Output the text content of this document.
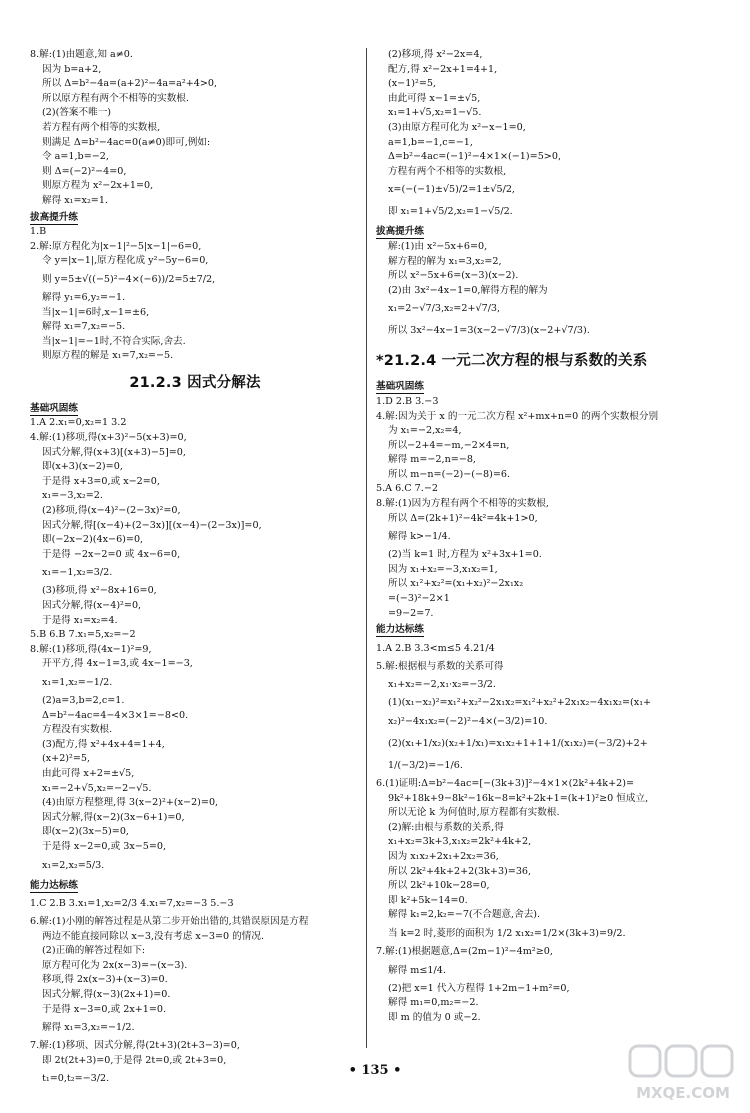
8.解:(1)由题意,知 a≠0.
因为 b=a+2,
所以 Δ=b²−4a=(a+2)²−4a=a²+4>0,
所以原方程有两个不相等的实数根.
(2)(答案不唯一)
若方程有两个相等的实数根,
则满足 Δ=b²−4ac=0(a≠0)即可,例如:
令 a=1,b=−2,
则 Δ=(−2)²−4=0,
则原方程为 x²−2x+1=0,
解得 x₁=x₂=1.
拔高提升练
1.B
2.解:原方程化为|x−1|²−5|x−1|−6=0,
令 y=|x−1|,原方程化成 y²−5y−6=0,
则 y=5±√((−5)²−4×(−6))/2=5±7/2,
解得 y₁=6,y₂=−1.
当|x−1|=6时,x−1=±6,
解得 x₁=7,x₂=−5.
当|x−1|=−1时,不符合实际,舍去.
则原方程的解是 x₁=7,x₂=−5.
21.2.3 因式分解法
基础巩固练
1.A 2.x₁=0,x₂=1 3.2
4.解:(1)移项,得(x+3)²−5(x+3)=0,
因式分解,得(x+3)[(x+3)−5]=0,
即(x+3)(x−2)=0,
于是得 x+3=0,或 x−2=0,
x₁=−3,x₂=2.
(2)移项,得(x−4)²−(2−3x)²=0,
因式分解,得[(x−4)+(2−3x)][(x−4)−(2−3x)]=0,
即(−2x−2)(4x−6)=0,
于是得 −2x−2=0 或 4x−6=0,
x₁=−1,x₂=3/2.
(3)移项,得 x²−8x+16=0,
因式分解,得(x−4)²=0,
于是得 x₁=x₂=4.
5.B 6.B 7.x₁=5,x₂=−2
8.解:(1)移项,得(4x−1)²=9,
开平方,得 4x−1=3,或 4x−1=−3,
x₁=1,x₂=−1/2.
(2)a=3,b=2,c=1.
Δ=b²−4ac=4−4×3×1=−8<0.
方程没有实数根.
(3)配方,得 x²+4x+4=1+4,
(x+2)²=5,
由此可得 x+2=±√5,
x₁=−2+√5,x₂=−2−√5.
(4)由原方程整理,得 3(x−2)²+(x−2)=0,
因式分解,得(x−2)(3x−6+1)=0,
即(x−2)(3x−5)=0,
于是得 x−2=0,或 3x−5=0,
x₁=2,x₂=5/3.
能力达标练
1.C 2.B 3.x₁=1,x₂=2/3 4.x₁=7,x₂=−3 5.−3
6.解:(1)小刚的解答过程是从第二步开始出错的,其错误原因是方程
两边不能直接同除以 x−3,没有考虑 x−3=0 的情况.
(2)正确的解答过程如下:
原方程可化为 2x(x−3)=−(x−3).
移项,得 2x(x−3)+(x−3)=0.
因式分解,得(x−3)(2x+1)=0.
于是得 x−3=0,或 2x+1=0.
解得 x₁=3,x₂=−1/2.
7.解:(1)移项、因式分解,得(2t+3)(2t+3−3)=0,
即 2t(2t+3)=0,于是得 2t=0,或 2t+3=0,
t₁=0,t₂=−3/2.
(2)移项,得 x²−2x=4,
配方,得 x²−2x+1=4+1,
(x−1)²=5,
由此可得 x−1=±√5,
x₁=1+√5,x₂=1−√5.
(3)由原方程可化为 x²−x−1=0,
a=1,b=−1,c=−1,
Δ=b²−4ac=(−1)²−4×1×(−1)=5>0,
方程有两个不相等的实数根,
x=(−(−1)±√5)/2=1±√5/2,
即 x₁=1+√5/2,x₂=1−√5/2.
拔高提升练
解:(1)由 x²−5x+6=0,
解方程的解为 x₁=3,x₂=2,
所以 x²−5x+6=(x−3)(x−2).
(2)由 3x²−4x−1=0,解得方程的解为
x₁=2−√7/3,x₂=2+√7/3,
所以 3x²−4x−1=3(x−2−√7/3)(x−2+√7/3).
*21.2.4 一元二次方程的根与系数的关系
基础巩固练
1.D 2.B 3.−3
4.解:因为关于 x 的一元二次方程 x²+mx+n=0 的两个实数根分别
为 x₁=−2,x₂=4,
所以−2+4=−m,−2×4=n,
解得 m=−2,n=−8,
所以 m−n=(−2)−(−8)=6.
5.A 6.C 7.−2
8.解:(1)因为方程有两个不相等的实数根,
所以 Δ=(2k+1)²−4k²=4k+1>0,
解得 k>−1/4.
(2)当 k=1 时,方程为 x²+3x+1=0.
因为 x₁+x₂=−3,x₁x₂=1,
所以 x₁²+x₂²=(x₁+x₂)²−2x₁x₂
=(−3)²−2×1
=9−2=7.
能力达标练
1.A 2.B 3.3<m≤5 4.21/4
5.解:根据根与系数的关系可得
x₁+x₂=−2,x₁·x₂=−3/2.
(1)(x₁−x₂)²=x₁²+x₂²−2x₁x₂=x₁²+x₂²+2x₁x₂−4x₁x₂=(x₁+
x₂)²−4x₁x₂=(−2)²−4×(−3/2)=10.
(2)(x₁+1/x₂)(x₂+1/x₁)=x₁x₂+1+1+1/(x₁x₂)=(−3/2)+2+
1/(−3/2)=−1/6.
6.(1)证明:Δ=b²−4ac=[−(3k+3)]²−4×1×(2k²+4k+2)=
9k²+18k+9−8k²−16k−8=k²+2k+1=(k+1)²≥0 恒成立,
所以无论 k 为何值时,原方程都有实数根.
(2)解:由根与系数的关系,得
x₁+x₂=3k+3,x₁x₂=2k²+4k+2,
因为 x₁x₂+2x₁+2x₂=36,
所以 2k²+4k+2+2(3k+3)=36,
所以 2k²+10k−28=0,
即 k²+5k−14=0.
解得 k₁=2,k₂=−7(不合题意,舍去).
当 k=2 时,菱形的面积为 1/2 x₁x₂=1/2×(3k+3)=9/2.
7.解:(1)根据题意,Δ=(2m−1)²−4m²≥0,
解得 m≤1/4.
(2)把 x=1 代入方程得 1+2m−1+m²=0,
解得 m₁=0,m₂=−2.
即 m 的值为 0 或−2.
• 135 •
MXQE.COM
